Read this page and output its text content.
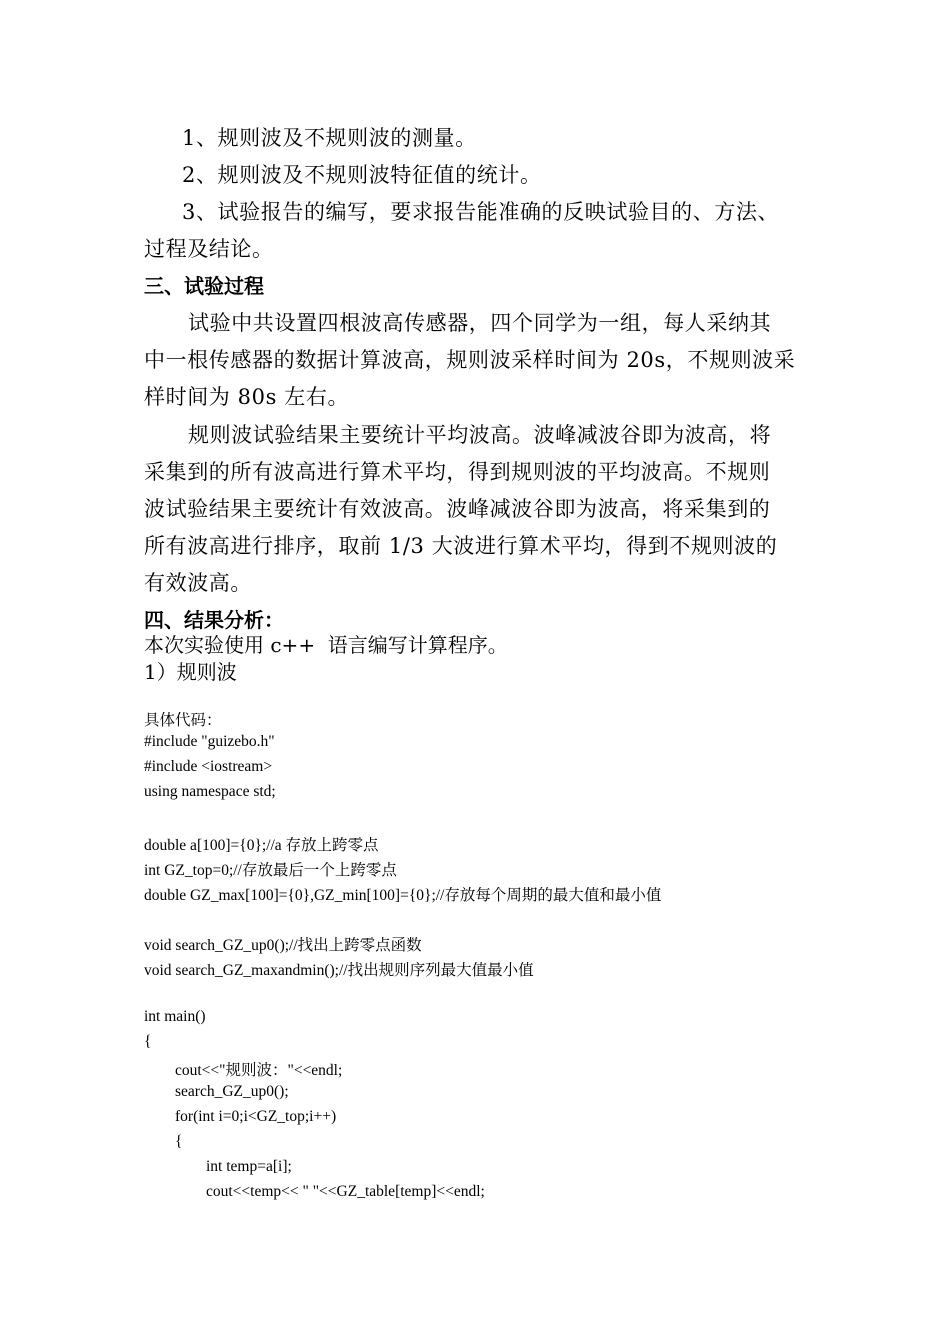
1、规则波及不规则波的测量。
2、规则波及不规则波特征值的统计。
3、试验报告的编写，要求报告能准确的反映试验目的、方法、
过程及结论。
三、试验过程
试验中共设置四根波高传感器，四个同学为一组，每人采纳其
中一根传感器的数据计算波高，规则波采样时间为 20s，不规则波采
样时间为 80s 左右。
规则波试验结果主要统计平均波高。波峰减波谷即为波高，将
采集到的所有波高进行算术平均，得到规则波的平均波高。不规则
波试验结果主要统计有效波高。波峰减波谷即为波高，将采集到的
所有波高进行排序，取前 1/3 大波进行算术平均，得到不规则波的
有效波高。
四、结果分析：
本次实验使用 c++  语言编写计算程序。
1）规则波
具体代码：
#include "guizebo.h"
#include <iostream>
using namespace std;
double a[100]={0};//a 存放上跨零点
int GZ_top=0;//存放最后一个上跨零点
double GZ_max[100]={0},GZ_min[100]={0};//存放每个周期的最大值和最小值
void search_GZ_up0();//找出上跨零点函数
void search_GZ_maxandmin();//找出规则序列最大值最小值
int main()
{
cout<<"规则波："<<endl;
search_GZ_up0();
for(int i=0;i<GZ_top;i++)
{
int temp=a[i];
cout<<temp<< " "<<GZ_table[temp]<<endl;
